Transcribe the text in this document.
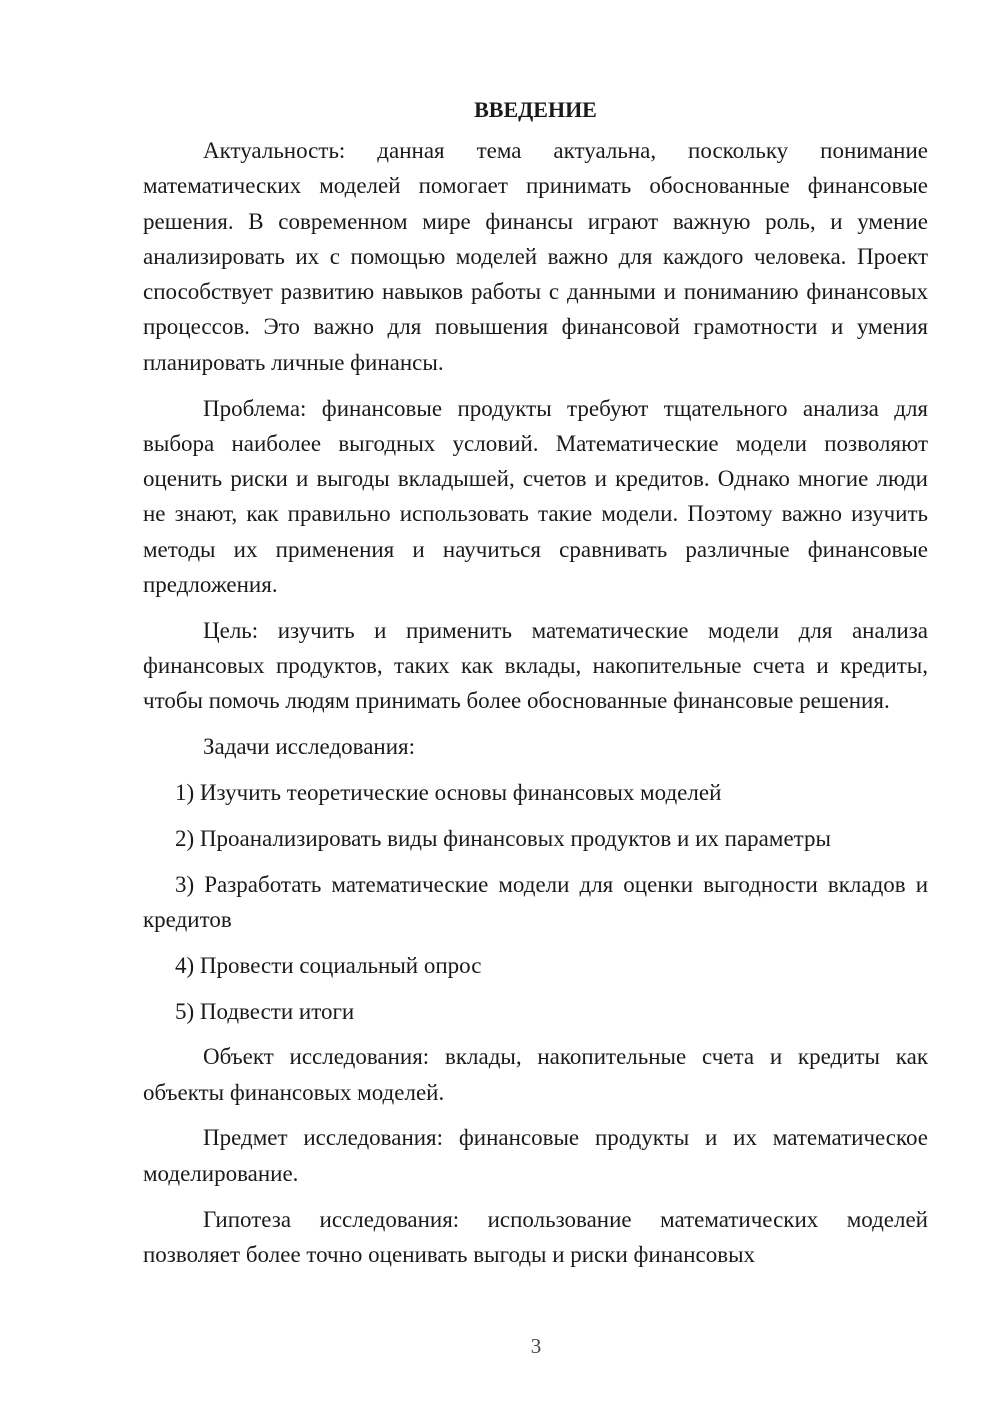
ВВЕДЕНИЕ

Актуальность: данная тема актуальна, поскольку понимание математических моделей помогает принимать обоснованные финансовые решения. В современном мире финансы играют важную роль, и умение анализировать их с помощью моделей важно для каждого человека. Проект способствует развитию навыков работы с данными и пониманию финансовых процессов. Это важно для повышения финансовой грамотности и умения планировать личные финансы.

Проблема: финансовые продукты требуют тщательного анализа для выбора наиболее выгодных условий. Математические модели позволяют оценить риски и выгоды вкладышей, счетов и кредитов. Однако многие люди не знают, как правильно использовать такие модели. Поэтому важно изучить методы их применения и научиться сравнивать различные финансовые предложения.

Цель: изучить и применить математические модели для анализа финансовых продуктов, таких как вклады, накопительные счета и кредиты, чтобы помочь людям принимать более обоснованные финансовые решения.

Задачи исследования:

1) Изучить теоретические основы финансовых моделей

2) Проанализировать виды финансовых продуктов и их параметры

3) Разработать математические модели для оценки выгодности вкладов и кредитов

4) Провести социальный опрос

5) Подвести итоги

Объект исследования: вклады, накопительные счета и кредиты как объекты финансовых моделей.

Предмет исследования: финансовые продукты и их математическое моделирование.

Гипотеза исследования: использование математических моделей позволяет более точно оценивать выгоды и риски финансовых

3
